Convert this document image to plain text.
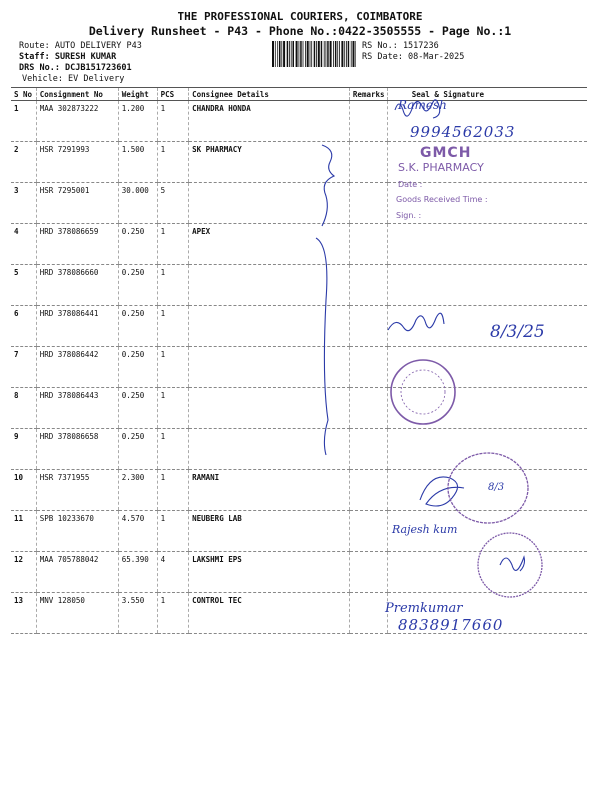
THE PROFESSIONAL COURIERS, COIMBATORE
Delivery Runsheet - P43 - Phone No.:0422-3505555 - Page No.:1
Route: AUTO DELIVERY P43
Staff: SURESH KUMAR
DRS No.: DCJB151723601
Vehicle: EV Delivery
RS No.: 1517236
RS Date: 08-Mar-2025
S No	Consignment No	Weight	PCS	Consignee Details	Remarks	Seal & Signature
1	MAA 302873222	1.200	1	CHANDRA HONDA		
2	HSR 7291993	1.500	1	SK PHARMACY		
3	HSR 7295001	30.000	5			
4	HRD 378086659	0.250	1	APEX		
5	HRD 378086660	0.250	1			
6	HRD 378086441	0.250	1			
7	HRD 378086442	0.250	1			
8	HRD 378086443	0.250	1			
9	HRD 378086658	0.250	1			
10	HSR 7371955	2.300	1	RAMANI		
11	SPB 10233670	4.570	1	NEUBERG LAB		
12	MAA 705788042	65.390	4	LAKSHMI EPS		
13	MNV 128050	3.550	1	CONTROL TEC		
9994562033
Ramesh
GMCH
S.K. PHARMACY
Date :
Goods Received Time :
Sign. :
8/3/25
8/3
Rajesh kum
Premkumar
8838917660
